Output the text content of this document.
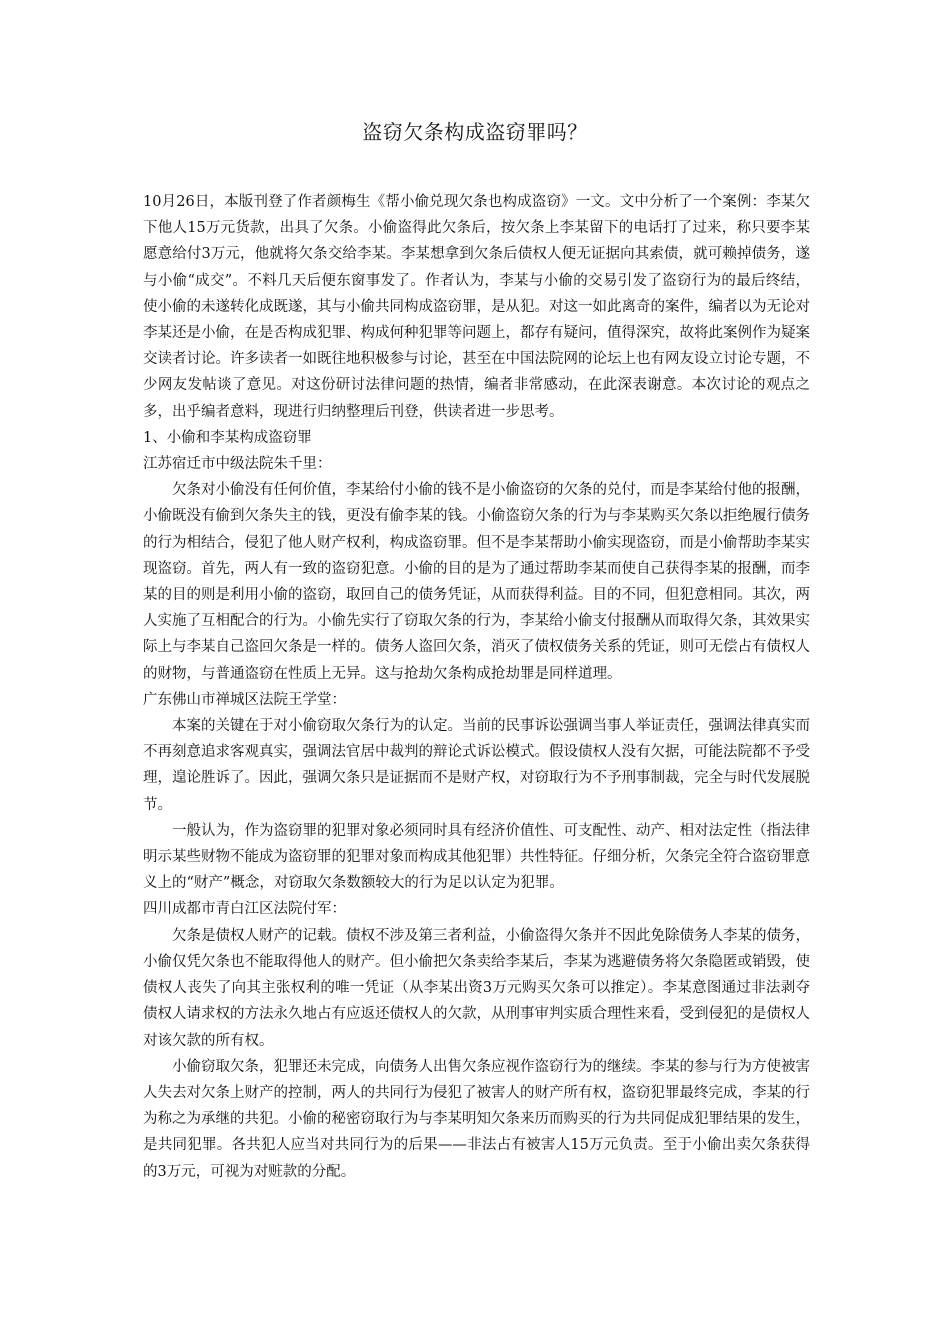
盗窃欠条构成盗窃罪吗？

10月26日，本版刊登了作者颜梅生《帮小偷兑现欠条也构成盗窃》一文。文中分析了一个案例：李某欠下他人15万元货款，出具了欠条。小偷盗得此欠条后，按欠条上李某留下的电话打了过来，称只要李某愿意给付3万元，他就将欠条交给李某。李某想拿到欠条后债权人便无证据向其索债，就可赖掉债务，遂与小偷“成交”。不料几天后便东窗事发了。作者认为，李某与小偷的交易引发了盗窃行为的最后终结，使小偷的未遂转化成既遂，其与小偷共同构成盗窃罪，是从犯。对这一如此离奇的案件，编者以为无论对李某还是小偷，在是否构成犯罪、构成何种犯罪等问题上，都存有疑问，值得深究，故将此案例作为疑案交读者讨论。许多读者一如既往地积极参与讨论，甚至在中国法院网的论坛上也有网友设立讨论专题，不少网友发帖谈了意见。对这份研讨法律问题的热情，编者非常感动，在此深表谢意。本次讨论的观点之多，出乎编者意料，现进行归纳整理后刊登，供读者进一步思考。

1、小偷和李某构成盗窃罪

江苏宿迁市中级法院朱千里：

欠条对小偷没有任何价值，李某给付小偷的钱不是小偷盗窃的欠条的兑付，而是李某给付他的报酬，小偷既没有偷到欠条失主的钱，更没有偷李某的钱。小偷盗窃欠条的行为与李某购买欠条以拒绝履行债务的行为相结合，侵犯了他人财产权利，构成盗窃罪。但不是李某帮助小偷实现盗窃，而是小偷帮助李某实现盗窃。首先，两人有一致的盗窃犯意。小偷的目的是为了通过帮助李某而使自己获得李某的报酬，而李某的目的则是利用小偷的盗窃，取回自己的债务凭证，从而获得利益。目的不同，但犯意相同。其次，两人实施了互相配合的行为。小偷先实行了窃取欠条的行为，李某给小偷支付报酬从而取得欠条，其效果实际上与李某自己盗回欠条是一样的。债务人盗回欠条，消灭了债权债务关系的凭证，则可无偿占有债权人的财物，与普通盗窃在性质上无异。这与抢劫欠条构成抢劫罪是同样道理。

广东佛山市禅城区法院王学堂：

本案的关键在于对小偷窃取欠条行为的认定。当前的民事诉讼强调当事人举证责任，强调法律真实而不再刻意追求客观真实，强调法官居中裁判的辩论式诉讼模式。假设债权人没有欠据，可能法院都不予受理，遑论胜诉了。因此，强调欠条只是证据而不是财产权，对窃取行为不予刑事制裁，完全与时代发展脱节。

一般认为，作为盗窃罪的犯罪对象必须同时具有经济价值性、可支配性、动产、相对法定性（指法律明示某些财物不能成为盗窃罪的犯罪对象而构成其他犯罪）共性特征。仔细分析，欠条完全符合盗窃罪意义上的“财产”概念，对窃取欠条数额较大的行为足以认定为犯罪。

四川成都市青白江区法院付军：

欠条是债权人财产的记载。债权不涉及第三者利益，小偷盗得欠条并不因此免除债务人李某的债务，小偷仅凭欠条也不能取得他人的财产。但小偷把欠条卖给李某后，李某为逃避债务将欠条隐匿或销毁，使债权人丧失了向其主张权利的唯一凭证（从李某出资3万元购买欠条可以推定）。李某意图通过非法剥夺债权人请求权的方法永久地占有应返还债权人的欠款，从刑事审判实质合理性来看，受到侵犯的是债权人对该欠款的所有权。

小偷窃取欠条，犯罪还未完成，向债务人出售欠条应视作盗窃行为的继续。李某的参与行为方使被害人失去对欠条上财产的控制，两人的共同行为侵犯了被害人的财产所有权，盗窃犯罪最终完成，李某的行为称之为承继的共犯。小偷的秘密窃取行为与李某明知欠条来历而购买的行为共同促成犯罪结果的发生，是共同犯罪。各共犯人应当对共同行为的后果——非法占有被害人15万元负责。至于小偷出卖欠条获得的3万元，可视为对赃款的分配。
